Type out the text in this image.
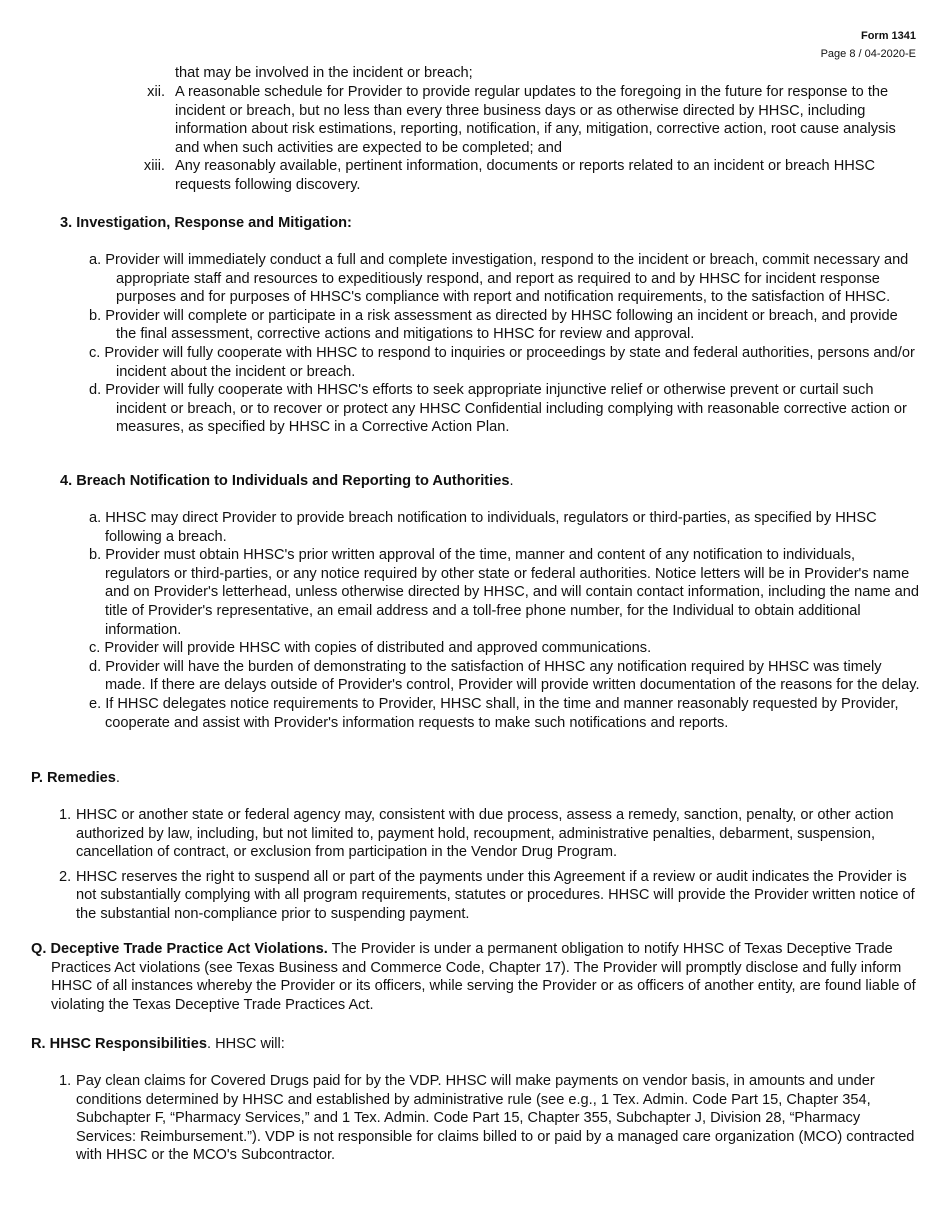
Form 1341
Page 8 / 04-2020-E

that may be involved in the incident or breach;

xii. A reasonable schedule for Provider to provide regular updates to the foregoing in the future for response to the incident or breach, but no less than every three business days or as otherwise directed by HHSC, including information about risk estimations, reporting, notification, if any, mitigation, corrective action, root cause analysis and when such activities are expected to be completed; and

xiii. Any reasonably available, pertinent information, documents or reports related to an incident or breach HHSC requests following discovery.

3. Investigation, Response and Mitigation:
a. Provider will immediately conduct a full and complete investigation, respond to the incident or breach, commit necessary and appropriate staff and resources to expeditiously respond, and report as required to and by HHSC for incident response purposes and for purposes of HHSC's compliance with report and notification requirements, to the satisfaction of HHSC.
b. Provider will complete or participate in a risk assessment as directed by HHSC following an incident or breach, and provide the final assessment, corrective actions and mitigations to HHSC for review and approval.
c. Provider will fully cooperate with HHSC to respond to inquiries or proceedings by state and federal authorities, persons and/or incident about the incident or breach.
d. Provider will fully cooperate with HHSC's efforts to seek appropriate injunctive relief or otherwise prevent or curtail such incident or breach, or to recover or protect any HHSC Confidential including complying with reasonable corrective action or measures, as specified by HHSC in a Corrective Action Plan.
4. Breach Notification to Individuals and Reporting to Authorities.
a. HHSC may direct Provider to provide breach notification to individuals, regulators or third-parties, as specified by HHSC following a breach.
b. Provider must obtain HHSC's prior written approval of the time, manner and content of any notification to individuals, regulators or third-parties, or any notice required by other state or federal authorities. Notice letters will be in Provider's name and on Provider's letterhead, unless otherwise directed by HHSC, and will contain contact information, including the name and title of Provider's representative, an email address and a toll-free phone number, for the Individual to obtain additional information.
c. Provider will provide HHSC with copies of distributed and approved communications.
d. Provider will have the burden of demonstrating to the satisfaction of HHSC any notification required by HHSC was timely made. If there are delays outside of Provider's control, Provider will provide written documentation of the reasons for the delay.
e. If HHSC delegates notice requirements to Provider, HHSC shall, in the time and manner reasonably requested by Provider, cooperate and assist with Provider's information requests to make such notifications and reports.
P. Remedies.
1. HHSC or another state or federal agency may, consistent with due process, assess a remedy, sanction, penalty, or other action authorized by law, including, but not limited to, payment hold, recoupment, administrative penalties, debarment, suspension, cancellation of contract, or exclusion from participation in the Vendor Drug Program.

2. HHSC reserves the right to suspend all or part of the payments under this Agreement if a review or audit indicates the Provider is not substantially complying with all program requirements, statutes or procedures. HHSC will provide the Provider written notice of the substantial non-compliance prior to suspending payment.

Q. Deceptive Trade Practice Act Violations. The Provider is under a permanent obligation to notify HHSC of Texas Deceptive Trade Practices Act violations (see Texas Business and Commerce Code, Chapter 17). The Provider will promptly disclose and fully inform HHSC of all instances whereby the Provider or its officers, while serving the Provider or as officers of another entity, are found liable of violating the Texas Deceptive Trade Practices Act.
R. HHSC Responsibilities. HHSC will:
1. Pay clean claims for Covered Drugs paid for by the VDP. HHSC will make payments on vendor basis, in amounts and under conditions determined by HHSC and established by administrative rule (see e.g., 1 Tex. Admin. Code Part 15, Chapter 354, Subchapter F, “Pharmacy Services,” and 1 Tex. Admin. Code Part 15, Chapter 355, Subchapter J, Division 28, “Pharmacy Services: Reimbursement.”). VDP is not responsible for claims billed to or paid by a managed care organization (MCO) contracted with HHSC or the MCO's Subcontractor.
